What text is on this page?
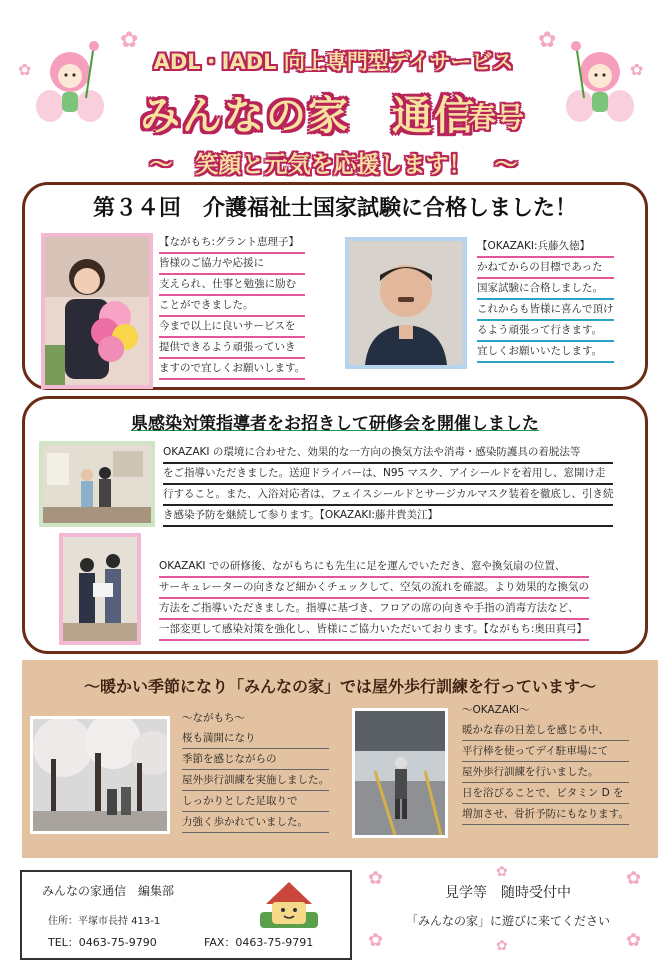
✿	✿
✿	✿
ADL・IADL 向上専門型デイサービス
みんなの家　通信
春号
〜　笑顔と元気を応援します！　〜
第３４回　介護福祉士国家試験に合格しました！
【ながもち:グラント恵理子】
皆様のご協力や応援に
支えられ、仕事と勉強に励む
ことができました。
今まで以上に良いサービスを
提供できるよう頑張っていき
ますので宜しくお願いします。
【OKAZAKI:兵藤久徳】
かねてからの目標であった
国家試験に合格しました。
これからも皆様に喜んで頂け
るよう頑張って行きます。
宜しくお願いいたします。
県感染対策指導者をお招きして研修会を開催しました
OKAZAKI の環境に合わせた、効果的な一方向の換気方法や消毒・感染防護具の着脱法等
をご指導いただきました。送迎ドライバーは、N95 マスク、アイシールドを着用し、窓開け走
行すること。また、入浴対応者は、フェイスシールドとサージカルマスク装着を徹底し、引き続
き感染予防を継続して参ります。【OKAZAKI:藤井貴美江】
OKAZAKI での研修後、ながもちにも先生に足を運んでいただき、窓や換気扇の位置、
サーキュレーターの向きなど細かくチェックして、空気の流れを確認。より効果的な換気の
方法をご指導いただきました。指導に基づき、フロアの席の向きや手指の消毒方法など、
一部変更して感染対策を強化し、皆様にご協力いただいております。【ながもち:奥田真弓】
〜暖かい季節になり「みんなの家」では屋外歩行訓練を行っています〜
〜ながもち〜
桜も満開になり
季節を感じながらの
屋外歩行訓練を実施しました。
しっかりとした足取りで
力強く歩かれていました。
〜OKAZAKI〜
暖かな春の日差しを感じる中、
平行棒を使ってデイ駐車場にて
屋外歩行訓練を行いました。
日を浴びることで、ビタミン D を
増加させ、骨折予防にもなります。
みんなの家通信　編集部
住所：平塚市長持 413-1
TEL：0463-75-9790	FAX：0463-75-9791
✿	✿
✿	✿
✿
✿
見学等　随時受付中
「みんなの家」に遊びに来てください
